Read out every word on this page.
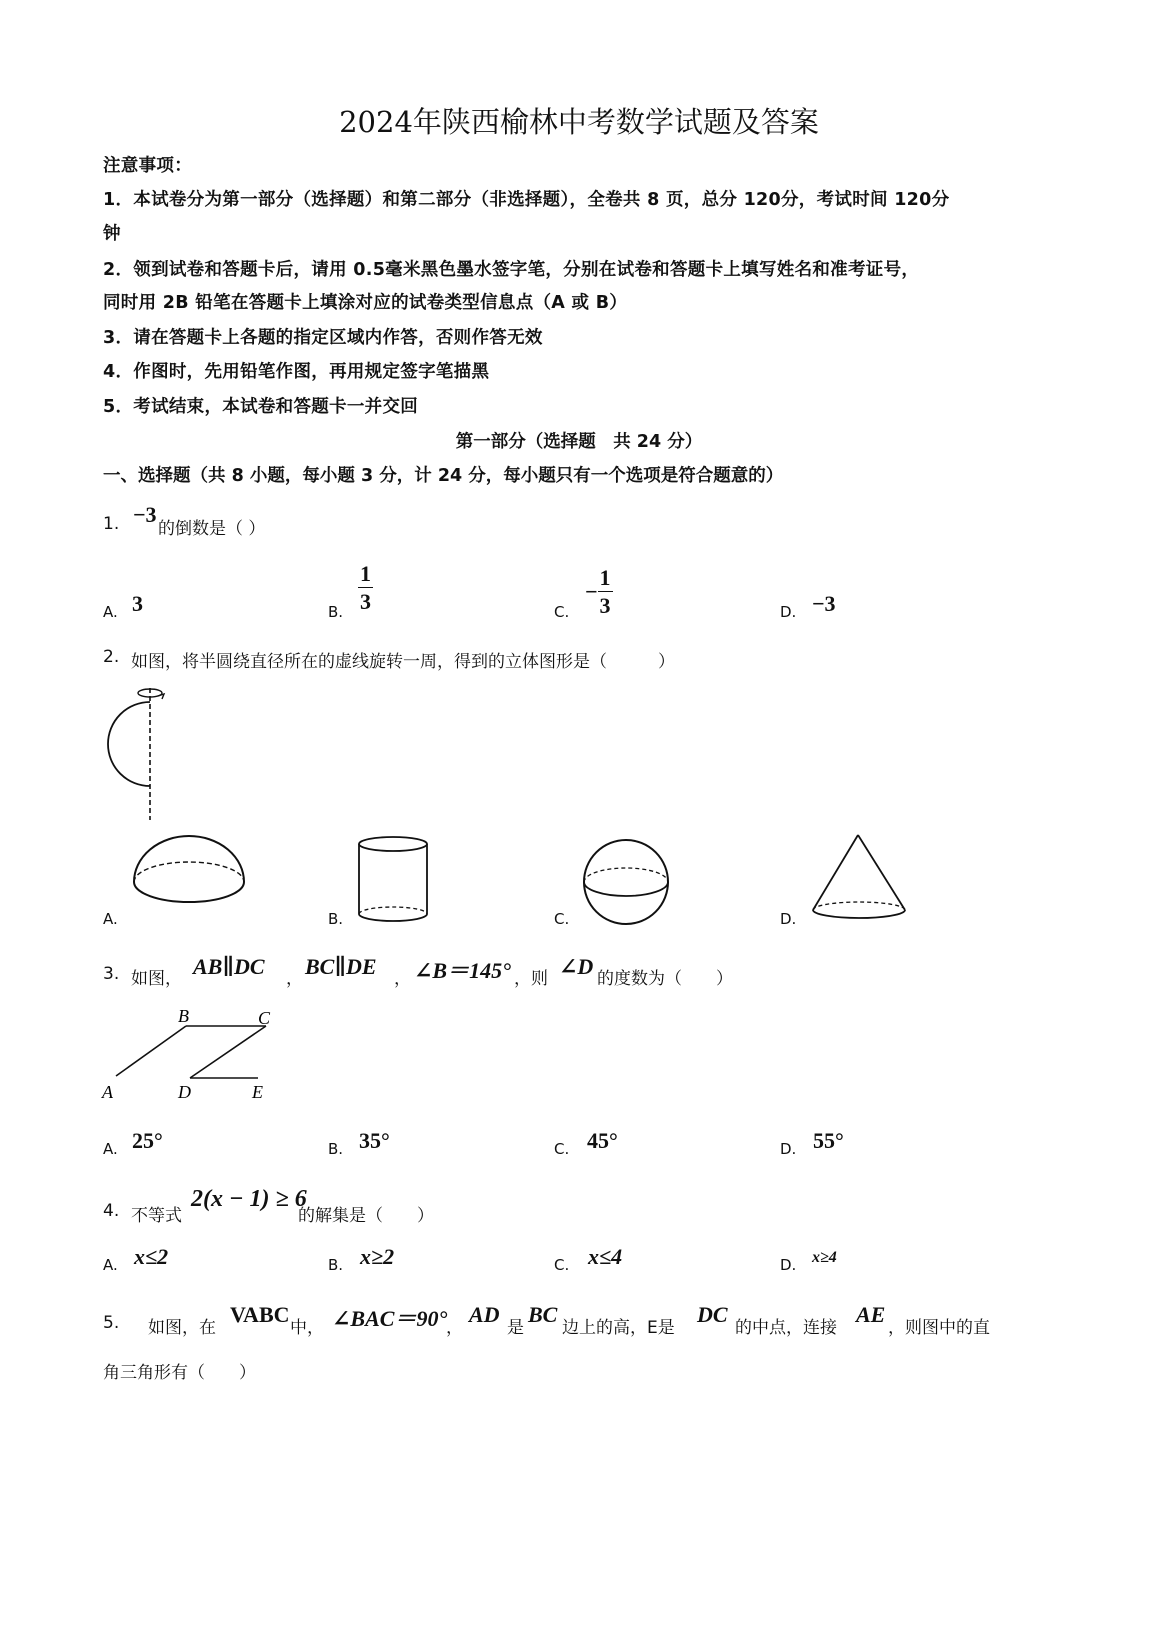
2024年陕西榆林中考数学试题及答案
注意事项：
1．本试卷分为第一部分（选择题）和第二部分（非选择题），全卷共 8 页，总分 120分，考试时间 120分
钟
2．领到试卷和答题卡后，请用 0.5毫米黑色墨水签字笔，分别在试卷和答题卡上填写姓名和准考证号，
同时用 2B 铅笔在答题卡上填涂对应的试卷类型信息点（A 或 B）
3．请在答题卡上各题的指定区域内作答，否则作答无效
4．作图时，先用铅笔作图，再用规定签字笔描黑
5．考试结束，本试卷和答题卡一并交回
第一部分（选择题　共 24 分）
一、选择题（共 8 小题，每小题 3 分，计 24 分，每小题只有一个选项是符合题意的）
1. −3
的倒数是（ ）
A. 3	B. $\frac{1}{3}$	C.
− $\frac{1}{3}$	D. −3
2. 如图，将半圆绕直径所在的虚线旋转一周，得到的立体图形是（　　　）
A.	B.	C.	D.
3. 如图， AB∥DC ， BC∥DE ， ∠B＝145° ，则 ∠D 的度数为（　　）
A
B	C
D	E
A. 25°	B. 35°	C. 45°	D. 55°
4. 不等式
2(x − 1) ≥ 6
的解集是（　　）
A. x≤2	B. x≥2	C. x≤4	D. x≥4
5. 如图，在
VABC
中， ∠BAC＝90°
，
AD
是
BC
边上的高，E是
DC
的中点，连接
AE
，则图中的直
角三角形有（　　）
